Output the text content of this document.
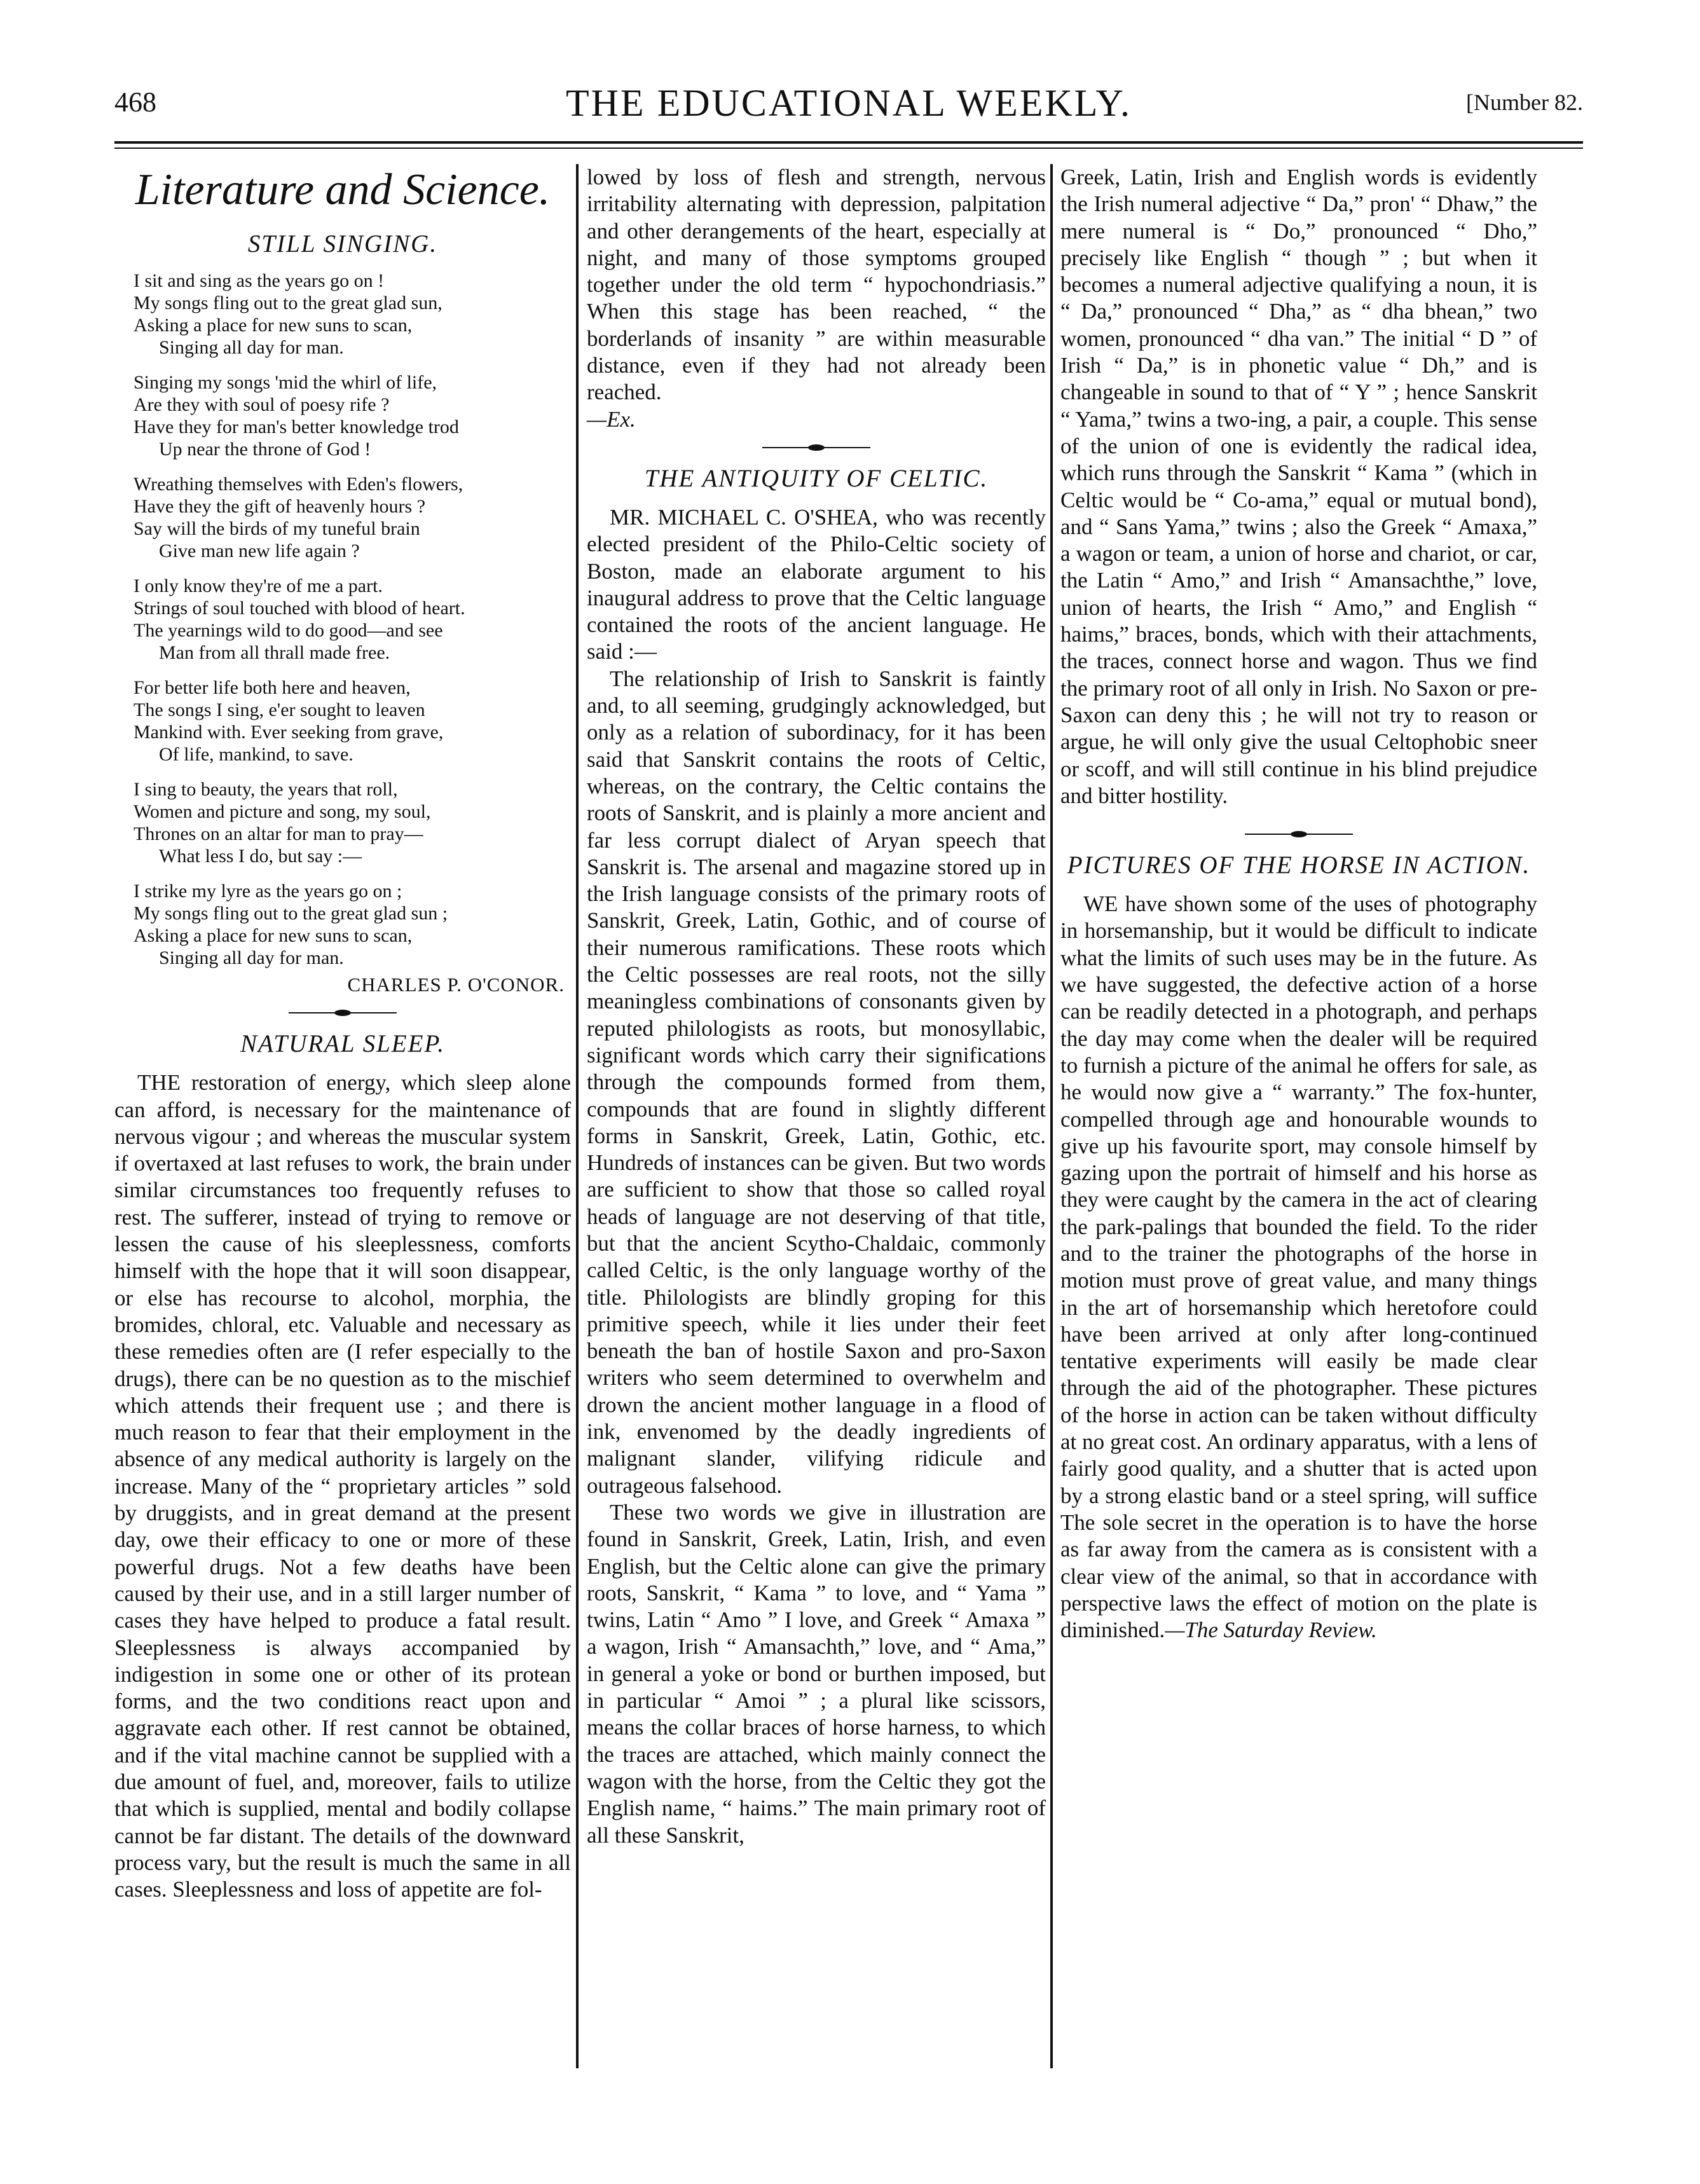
468	THE EDUCATIONAL WEEKLY.	[Number 82.
Literature and Science.
STILL SINGING.
I sit and sing as the years go on !
My songs fling out to the great glad sun,
Asking a place for new suns to scan,
Singing all day for man.
Singing my songs 'mid the whirl of life,
Are they with soul of poesy rife ?
Have they for man's better knowledge trod
Up near the throne of God !
Wreathing themselves with Eden's flowers,
Have they the gift of heavenly hours ?
Say will the birds of my tuneful brain
Give man new life again ?
I only know they're of me a part.
Strings of soul touched with blood of heart.
The yearnings wild to do good—and see
Man from all thrall made free.
For better life both here and heaven,
The songs I sing, e'er sought to leaven
Mankind with. Ever seeking from grave,
Of life, mankind, to save.
I sing to beauty, the years that roll,
Women and picture and song, my soul,
Thrones on an altar for man to pray—
What less I do, but say :—
I strike my lyre as the years go on ;
My songs fling out to the great glad sun ;
Asking a place for new suns to scan,
Singing all day for man.
CHARLES P. O'CONOR.
NATURAL SLEEP.

THE restoration of energy, which sleep alone can afford, is necessary for the maintenance of nervous vigour ; and whereas the muscular system if overtaxed at last refuses to work, the brain under similar circumstances too frequently refuses to rest. The sufferer, instead of trying to remove or lessen the cause of his sleeplessness, comforts himself with the hope that it will soon disappear, or else has recourse to alcohol, morphia, the bromides, chloral, etc. Valuable and necessary as these remedies often are (I refer especially to the drugs), there can be no question as to the mischief which attends their frequent use ; and there is much reason to fear that their employment in the absence of any medical authority is largely on the increase. Many of the “ proprietary articles ” sold by druggists, and in great demand at the present day, owe their efficacy to one or more of these powerful drugs. Not a few deaths have been caused by their use, and in a still larger number of cases they have helped to produce a fatal result. Sleeplessness is always accompanied by indigestion in some one or other of its protean forms, and the two conditions react upon and aggravate each other. If rest cannot be obtained, and if the vital machine cannot be supplied with a due amount of fuel, and, moreover, fails to utilize that which is supplied, mental and bodily collapse cannot be far distant. The details of the downward process vary, but the result is much the same in all cases. Sleeplessness and loss of appetite are fol-

lowed by loss of flesh and strength, nervous irritability alternating with depression, palpitation and other derangements of the heart, especially at night, and many of those symptoms grouped together under the old term “ hypochondriasis.” When this stage has been reached, “ the borderlands of insanity ” are within measurable distance, even if they had not already been reached.

—Ex.

THE ANTIQUITY OF CELTIC.

MR. MICHAEL C. O'SHEA, who was recently elected president of the Philo-Celtic society of Boston, made an elaborate argument to his inaugural address to prove that the Celtic language contained the roots of the ancient language. He said :—

The relationship of Irish to Sanskrit is faintly and, to all seeming, grudgingly acknowledged, but only as a relation of subordinacy, for it has been said that Sanskrit contains the roots of Celtic, whereas, on the contrary, the Celtic contains the roots of Sanskrit, and is plainly a more ancient and far less corrupt dialect of Aryan speech that Sanskrit is. The arsenal and magazine stored up in the Irish language consists of the primary roots of Sanskrit, Greek, Latin, Gothic, and of course of their numerous ramifications. These roots which the Celtic possesses are real roots, not the silly meaningless combinations of consonants given by reputed philologists as roots, but monosyllabic, significant words which carry their significations through the compounds formed from them, compounds that are found in slightly different forms in Sanskrit, Greek, Latin, Gothic, etc. Hundreds of instances can be given. But two words are sufficient to show that those so called royal heads of language are not deserving of that title, but that the ancient Scytho-Chaldaic, commonly called Celtic, is the only language worthy of the title. Philologists are blindly groping for this primitive speech, while it lies under their feet beneath the ban of hostile Saxon and pro-Saxon writers who seem determined to overwhelm and drown the ancient mother language in a flood of ink, envenomed by the deadly ingredients of malignant slander, vilifying ridicule and outrageous falsehood.

These two words we give in illustration are found in Sanskrit, Greek, Latin, Irish, and even English, but the Celtic alone can give the primary roots, Sanskrit, “ Kama ” to love, and “ Yama ” twins, Latin “ Amo ” I love, and Greek “ Amaxa ” a wagon, Irish “ Amansachth,” love, and “ Ama,” in general a yoke or bond or burthen imposed, but in particular “ Amoi ” ; a plural like scissors, means the collar braces of horse harness, to which the traces are attached, which mainly connect the wagon with the horse, from the Celtic they got the English name, “ haims.” The main primary root of all these Sanskrit,

Greek, Latin, Irish and English words is evidently the Irish numeral adjective “ Da,” pron' “ Dhaw,” the mere numeral is “ Do,” pronounced “ Dho,” precisely like English “ though ” ; but when it becomes a numeral adjective qualifying a noun, it is “ Da,” pronounced “ Dha,” as “ dha bhean,” two women, pronounced “ dha van.” The initial “ D ” of Irish “ Da,” is in phonetic value “ Dh,” and is changeable in sound to that of “ Y ” ; hence Sanskrit “ Yama,” twins a two-ing, a pair, a couple. This sense of the union of one is evidently the radical idea, which runs through the Sanskrit “ Kama ” (which in Celtic would be “ Co-ama,” equal or mutual bond), and “ Sans Yama,” twins ; also the Greek “ Amaxa,” a wagon or team, a union of horse and chariot, or car, the Latin “ Amo,” and Irish “ Amansachthe,” love, union of hearts, the Irish “ Amo,” and English “ haims,” braces, bonds, which with their attachments, the traces, connect horse and wagon. Thus we find the primary root of all only in Irish. No Saxon or pre-Saxon can deny this ; he will not try to reason or argue, he will only give the usual Celtophobic sneer or scoff, and will still continue in his blind prejudice and bitter hostility.

PICTURES OF THE HORSE IN ACTION.

WE have shown some of the uses of photography in horsemanship, but it would be difficult to indicate what the limits of such uses may be in the future. As we have suggested, the defective action of a horse can be readily detected in a photograph, and perhaps the day may come when the dealer will be required to furnish a picture of the animal he offers for sale, as he would now give a “ warranty.” The fox-hunter, compelled through age and honourable wounds to give up his favourite sport, may console himself by gazing upon the portrait of himself and his horse as they were caught by the camera in the act of clearing the park-palings that bounded the field. To the rider and to the trainer the photographs of the horse in motion must prove of great value, and many things in the art of horsemanship which heretofore could have been arrived at only after long-continued tentative experiments will easily be made clear through the aid of the photographer. These pictures of the horse in action can be taken without difficulty at no great cost. An ordinary apparatus, with a lens of fairly good quality, and a shutter that is acted upon by a strong elastic band or a steel spring, will suffice The sole secret in the operation is to have the horse as far away from the camera as is consistent with a clear view of the animal, so that in accordance with perspective laws the effect of motion on the plate is diminished.—The Saturday Review.
